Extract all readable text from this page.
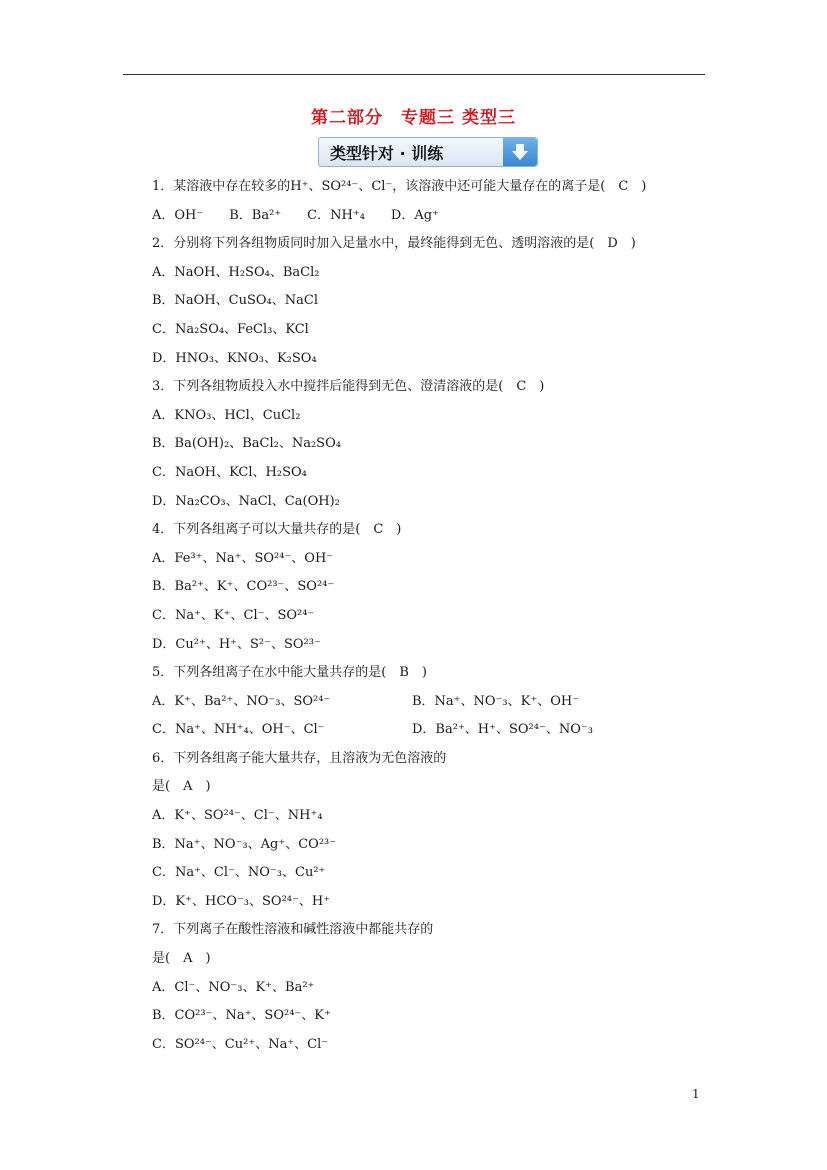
第二部分　专题三 类型三
类型针对 · 训练
1．某溶液中存在较多的H⁺、SO²⁴⁻、Cl⁻，该溶液中还可能大量存在的离子是(　C　)
A．OH⁻　　B．Ba²⁺　　C．NH⁺₄　　D．Ag⁺
2．分别将下列各组物质同时加入足量水中，最终能得到无色、透明溶液的是(　D　)
A．NaOH、H₂SO₄、BaCl₂
B．NaOH、CuSO₄、NaCl
C．Na₂SO₄、FeCl₃、KCl
D．HNO₃、KNO₃、K₂SO₄
3．下列各组物质投入水中搅拌后能得到无色、澄清溶液的是(　C　)
A．KNO₃、HCl、CuCl₂
B．Ba(OH)₂、BaCl₂、Na₂SO₄
C．NaOH、KCl、H₂SO₄
D．Na₂CO₃、NaCl、Ca(OH)₂
4．下列各组离子可以大量共存的是(　C　)
A．Fe³⁺、Na⁺、SO²⁴⁻、OH⁻
B．Ba²⁺、K⁺、CO²³⁻、SO²⁴⁻
C．Na⁺、K⁺、Cl⁻、SO²⁴⁻
D．Cu²⁺、H⁺、S²⁻、SO²³⁻
5．下列各组离子在水中能大量共存的是(　B　)
A．K⁺、Ba²⁺、NO⁻₃、SO²⁴⁻	B．Na⁺、NO⁻₃、K⁺、OH⁻
C．Na⁺、NH⁺₄、OH⁻、Cl⁻	D．Ba²⁺、H⁺、SO²⁴⁻、NO⁻₃
6．下列各组离子能大量共存，且溶液为无色溶液的
是(　A　)
A．K⁺、SO²⁴⁻、Cl⁻、NH⁺₄
B．Na⁺、NO⁻₃、Ag⁺、CO²³⁻
C．Na⁺、Cl⁻、NO⁻₃、Cu²⁺
D．K⁺、HCO⁻₃、SO²⁴⁻、H⁺
7．下列离子在酸性溶液和碱性溶液中都能共存的
是(　A　)
A．Cl⁻、NO⁻₃、K⁺、Ba²⁺
B．CO²³⁻、Na⁺、SO²⁴⁻、K⁺
C．SO²⁴⁻、Cu²⁺、Na⁺、Cl⁻
1
